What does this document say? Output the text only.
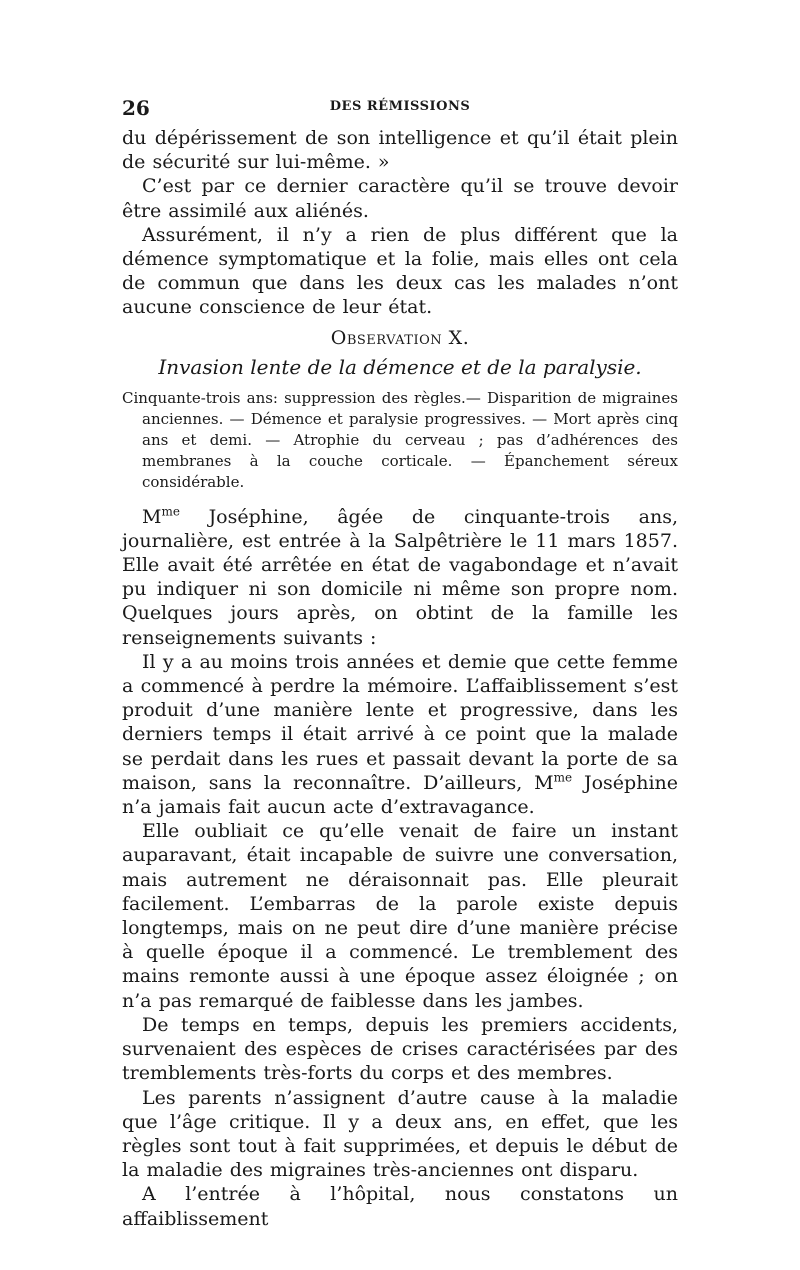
26	DES RÉMISSIONS

du dépérissement de son intelligence et qu’il était plein de sécurité sur lui-même. »

C’est par ce dernier caractère qu’il se trouve devoir être assimilé aux aliénés.

Assurément, il n’y a rien de plus différent que la démence symptomatique et la folie, mais elles ont cela de commun que dans les deux cas les malades n’ont aucune conscience de leur état.

Observation X.
Invasion lente de la démence et de la paralysie.
Cinquante-trois ans: suppression des règles.— Disparition de migraines anciennes. — Démence et paralysie progressives. — Mort après cinq ans et demi. — Atrophie du cerveau ; pas d’adhérences des membranes à la couche corticale. — Épanchement séreux considérable.

$M^{me}$ Joséphine, âgée de cinquante-trois ans, journalière, est entrée à la Salpêtrière le 11 mars 1857. Elle avait été arrêtée en état de vagabondage et n’avait pu indiquer ni son domicile ni même son propre nom. Quelques jours après, on obtint de la famille les renseignements suivants :

Il y a au moins trois années et demie que cette femme a commencé à perdre la mémoire. L’affaiblissement s’est produit d’une manière lente et progressive, dans les derniers temps il était arrivé à ce point que la malade se perdait dans les rues et passait devant la porte de sa maison, sans la reconnaître. D’ailleurs, $M^{me}$ Joséphine n’a jamais fait aucun acte d’extravagance.

Elle oubliait ce qu’elle venait de faire un instant auparavant, était incapable de suivre une conversation, mais autrement ne déraisonnait pas. Elle pleurait facilement. L’embarras de la parole existe depuis longtemps, mais on ne peut dire d’une manière précise à quelle époque il a commencé. Le tremblement des mains remonte aussi à une époque assez éloignée ; on n’a pas remarqué de faiblesse dans les jambes.

De temps en temps, depuis les premiers accidents, survenaient des espèces de crises caractérisées par des tremblements très-forts du corps et des membres.

Les parents n’assignent d’autre cause à la maladie que l’âge critique. Il y a deux ans, en effet, que les règles sont tout à fait supprimées, et depuis le début de la maladie des migraines très-anciennes ont disparu.

A l’entrée à l’hôpital, nous constatons un affaiblissement
